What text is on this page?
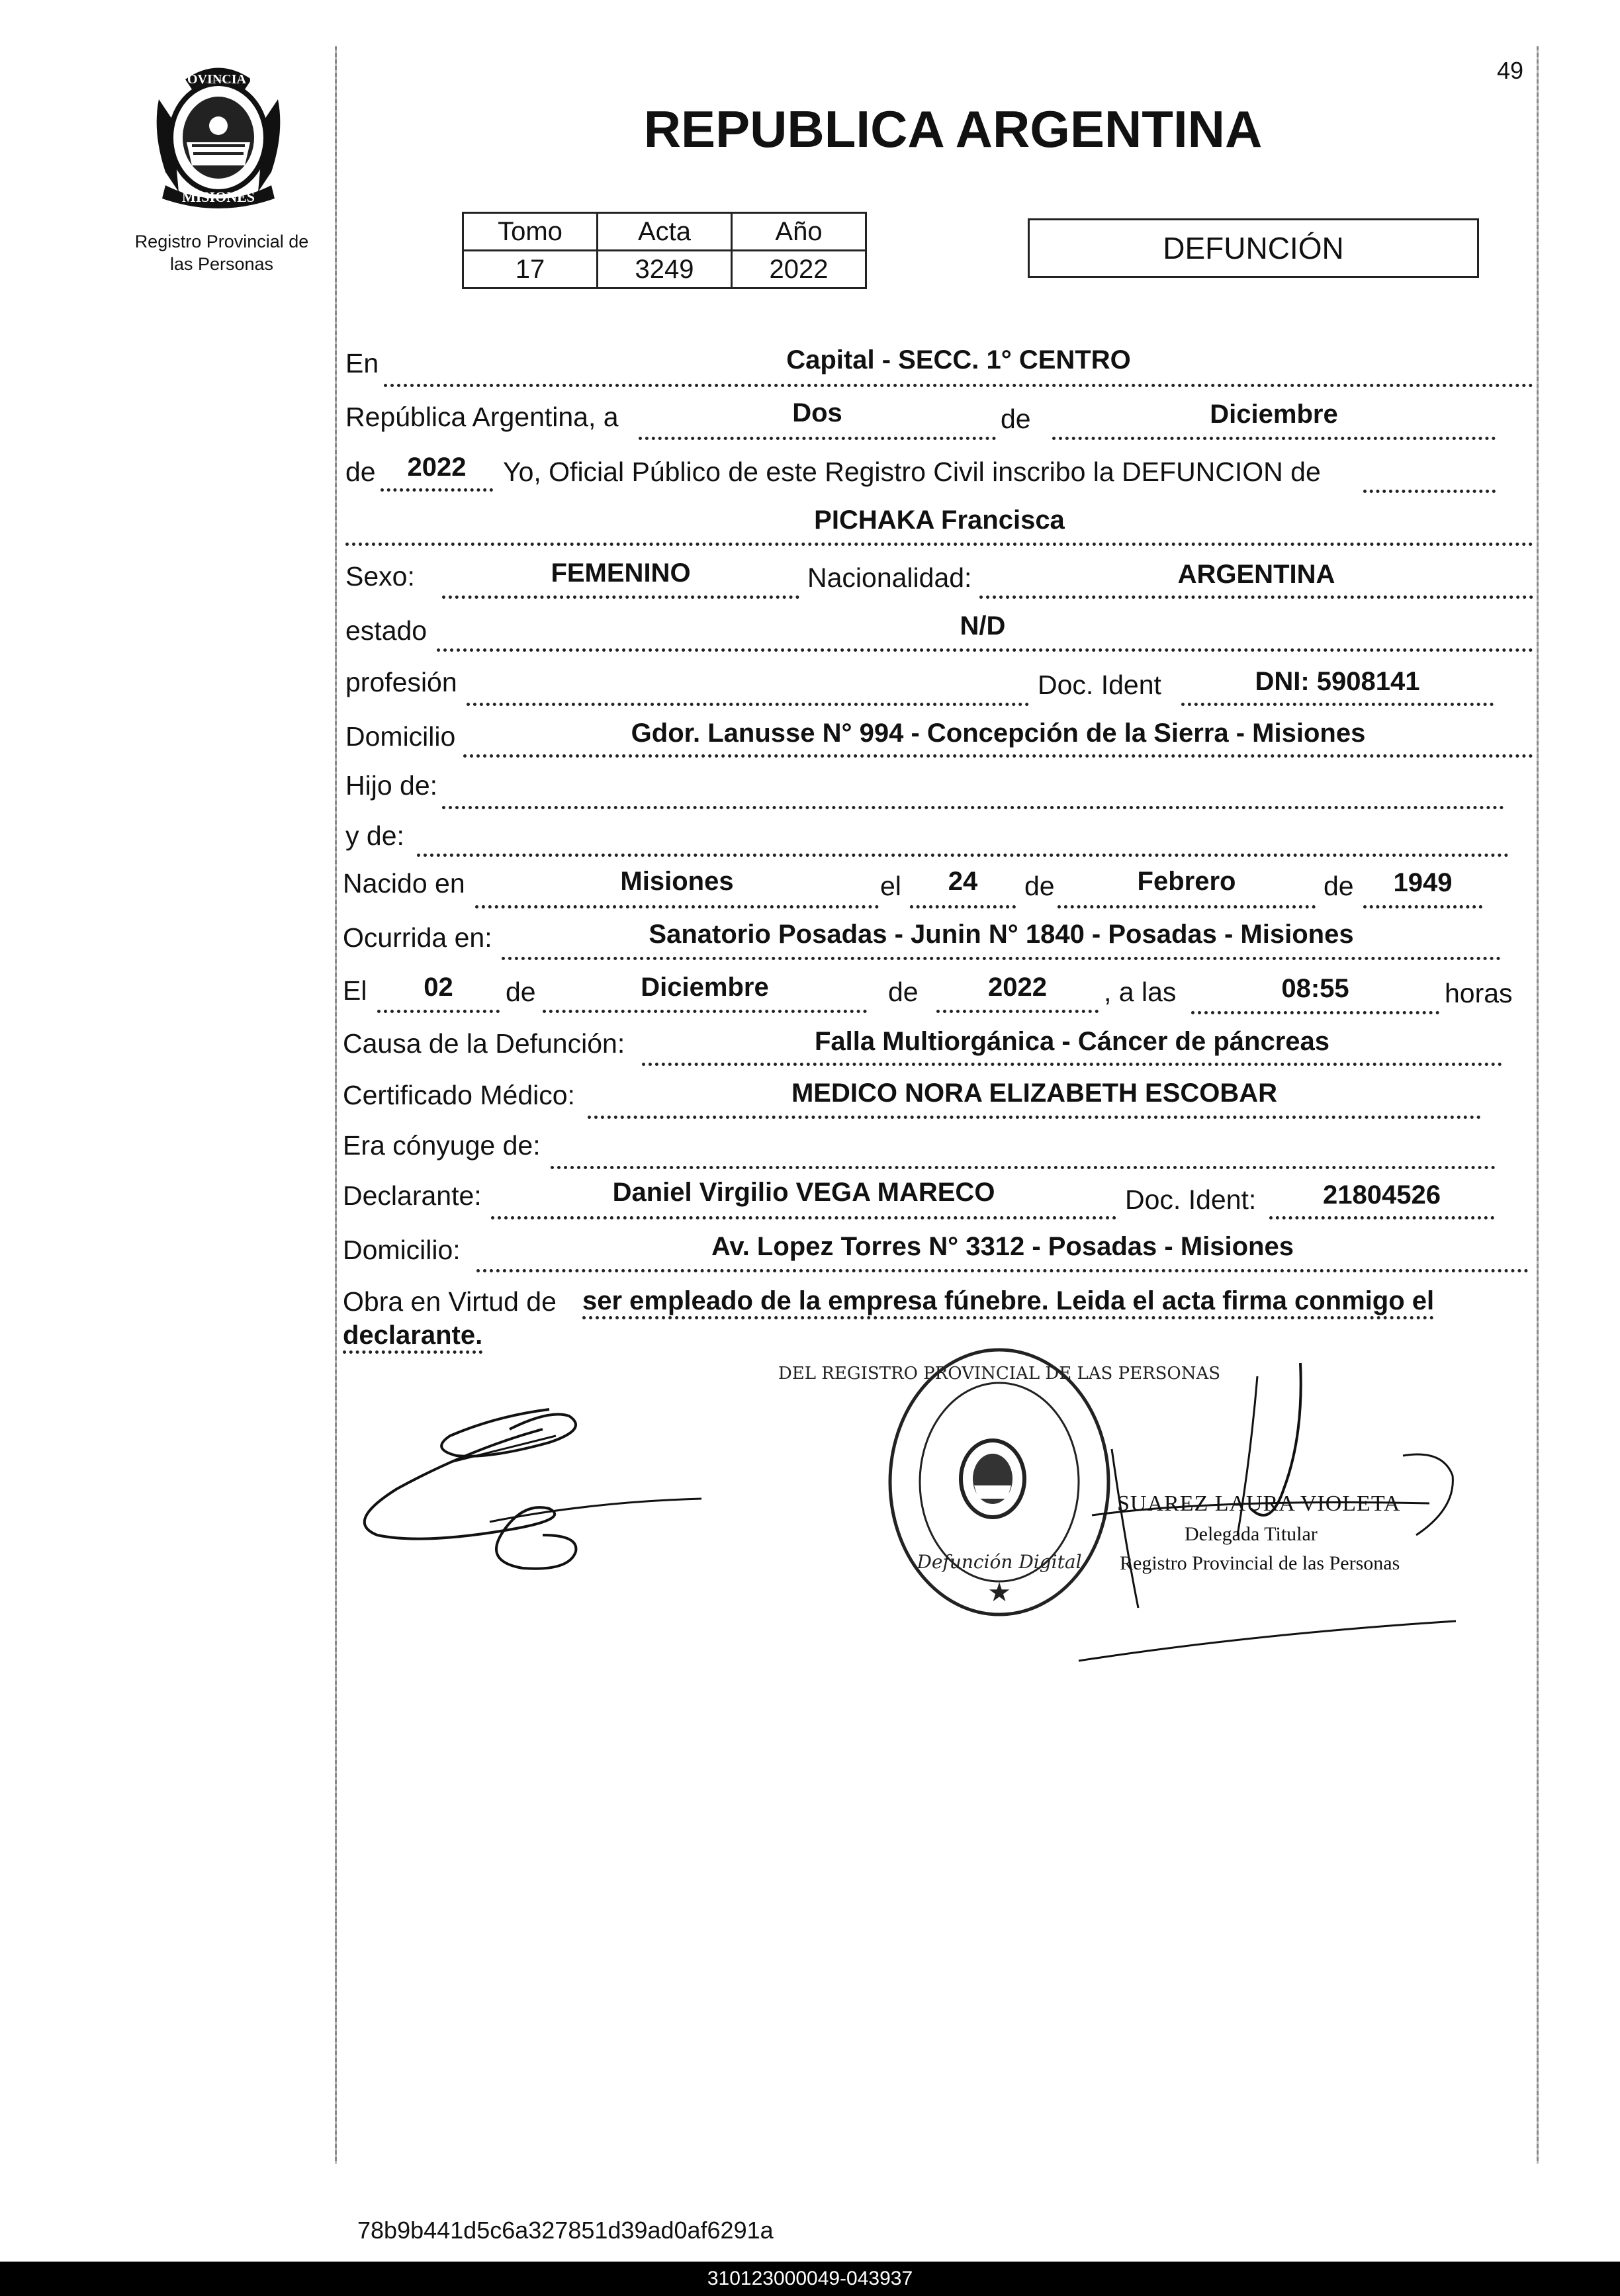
49
PROVINCIA DE
MISIONES
Registro Provincial de
las Personas
REPUBLICA ARGENTINA
Tomo	Acta	Año
17	3249	2022
DEFUNCIÓN
En	Capital - SECC. 1° CENTRO
República Argentina, a	Dos	de	Diciembre
de	2022	Yo, Oficial Público de este Registro Civil inscribo la DEFUNCION de
PICHAKA Francisca
Sexo:	FEMENINO	Nacionalidad:	ARGENTINA
estado	N/D
profesión	Doc. Ident	DNI: 5908141
Domicilio	Gdor. Lanusse N° 994 - Concepción de la Sierra - Misiones
Hijo de:
y de:
Nacido en	Misiones	el	24	de	Febrero	de	1949
Ocurrida en:	Sanatorio Posadas - Junin N° 1840 - Posadas - Misiones
El	02	de	Diciembre	de	2022	, a las	08:55	horas
Causa de la Defunción:	Falla Multiorgánica - Cáncer de páncreas
Certificado Médico:	MEDICO NORA ELIZABETH ESCOBAR
Era cónyuge de:
Declarante:	Daniel Virgilio VEGA MARECO	Doc. Ident:	21804526
Domicilio:	Av. Lopez Torres N° 3312 - Posadas - Misiones
Obra en Virtud de ser empleado de la empresa fúnebre. Leida el acta firma conmigo el
declarante.
DEL REGISTRO PROVINCIAL DE LAS PERSONAS
Defunción Digital
★
SUAREZ LAURA VIOLETA
Delegada Titular
Registro Provincial de las Personas
78b9b441d5c6a327851d39ad0af6291a
310123000049-043937
